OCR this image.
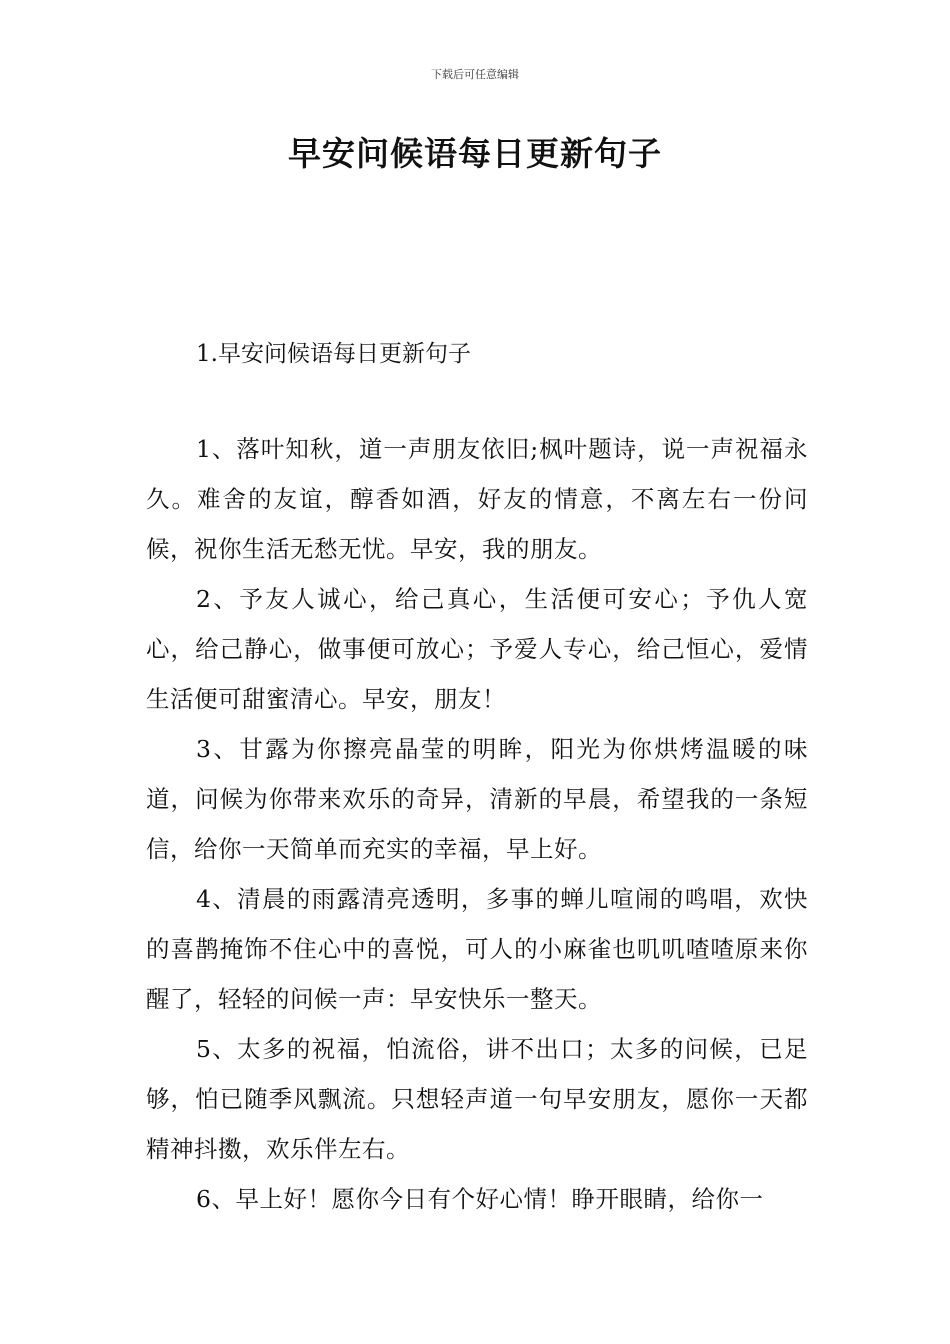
下载后可任意编辑
早安问候语每日更新句子
1.早安问候语每日更新句子

1、落叶知秋，道一声朋友依旧;枫叶题诗，说一声祝福永久。难舍的友谊，醇香如酒，好友的情意，不离左右一份问候，祝你生活无愁无忧。早安，我的朋友。

2、予友人诚心，给己真心，生活便可安心；予仇人宽心，给己静心，做事便可放心；予爱人专心，给己恒心，爱情生活便可甜蜜清心。早安，朋友！

3、甘露为你擦亮晶莹的明眸，阳光为你烘烤温暖的味道，问候为你带来欢乐的奇异，清新的早晨，希望我的一条短信，给你一天简单而充实的幸福，早上好。

4、清晨的雨露清亮透明，多事的蝉儿喧闹的鸣唱，欢快的喜鹊掩饰不住心中的喜悦，可人的小麻雀也叽叽喳喳原来你醒了，轻轻的问候一声：早安快乐一整天。

5、太多的祝福，怕流俗，讲不出口；太多的问候，已足够，怕已随季风飘流。只想轻声道一句早安朋友，愿你一天都精神抖擞，欢乐伴左右。

6、早上好！愿你今日有个好心情！睁开眼睛，给你一
